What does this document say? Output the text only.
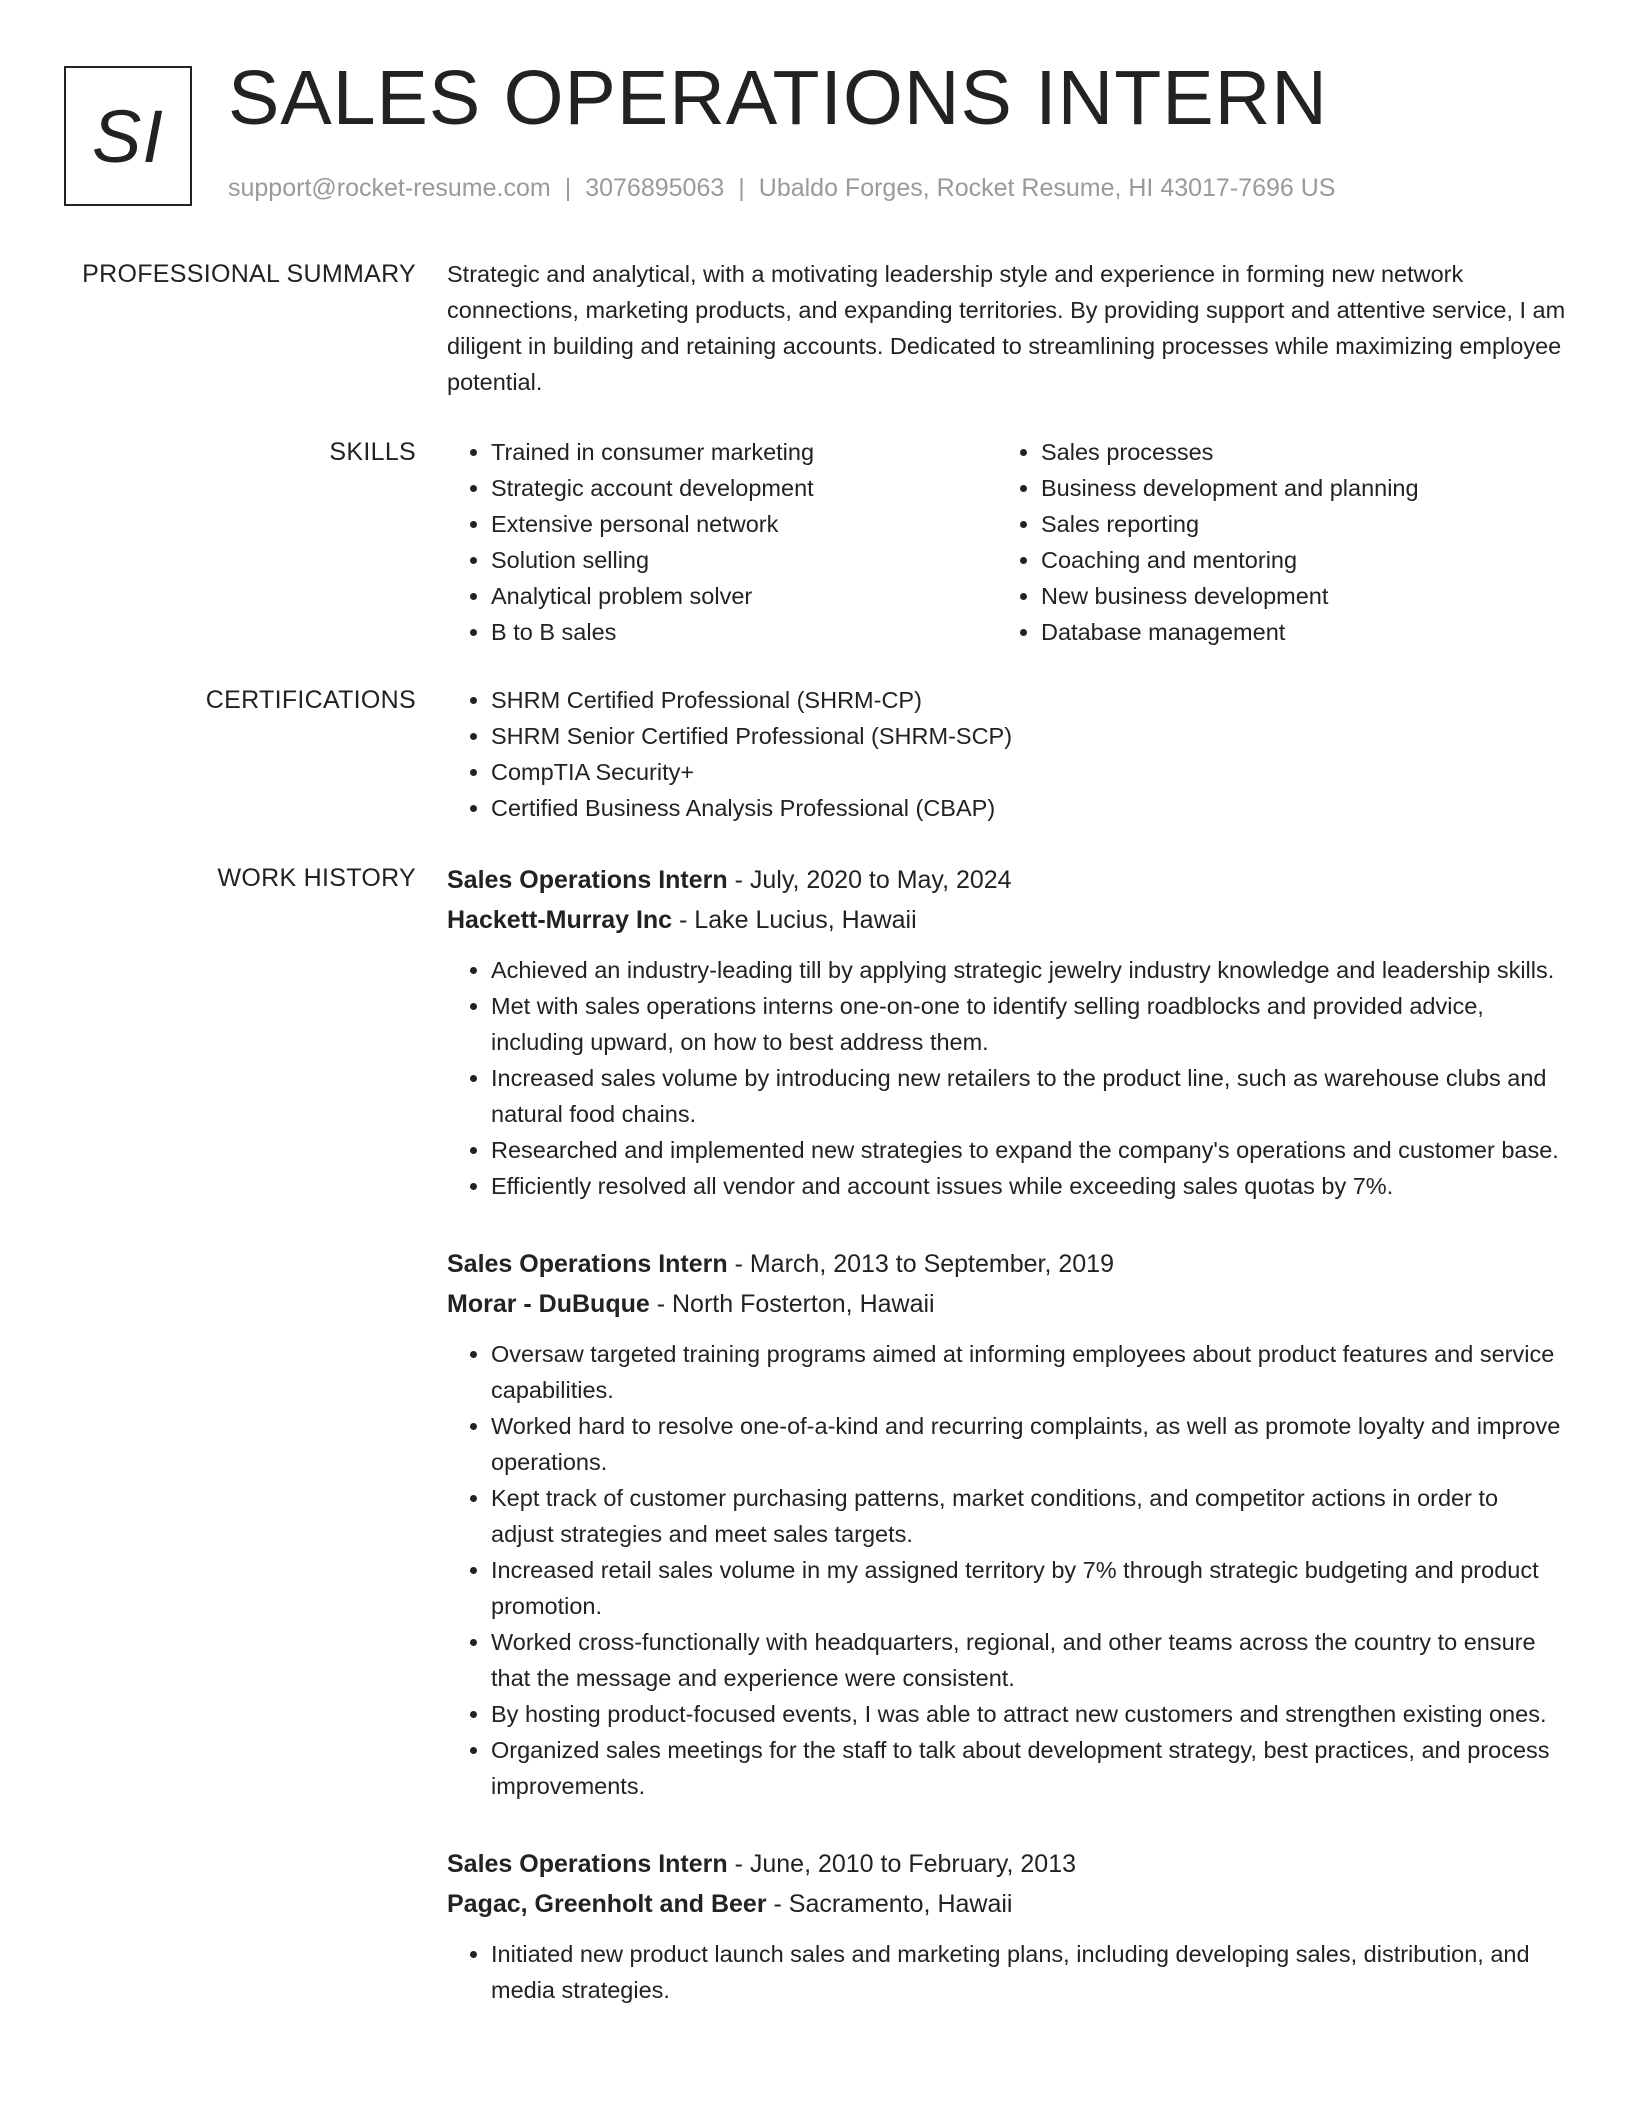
SI SALES OPERATIONS INTERN
support@rocket-resume.com | 3076895063 | Ubaldo Forges, Rocket Resume, HI 43017-7696 US
PROFESSIONAL SUMMARY Strategic and analytical, with a motivating leadership style and experience in forming new network connections, marketing products, and expanding territories. By providing support and attentive service, I am diligent in building and retaining accounts. Dedicated to streamlining processes while maximizing employee potential.

SKILLS	• Trained in consumer marketing
• Strategic account development
• Extensive personal network
• Solution selling
• Analytical problem solver
• B to B sales
• Sales processes
• Business development and planning
• Sales reporting
• Coaching and mentoring
• New business development
• Database management
CERTIFICATIONS	• SHRM Certified Professional (SHRM-CP)
• SHRM Senior Certified Professional (SHRM-SCP)
• CompTIA Security+
• Certified Business Analysis Professional (CBAP)
WORK HISTORY Sales Operations Intern - July, 2020 to May, 2024
Hackett-Murray Inc - Lake Lucius, Hawaii
• Achieved an industry-leading till by applying strategic jewelry industry knowledge and leadership skills.
• Met with sales operations interns one-on-one to identify selling roadblocks and provided advice, including upward, on how to best address them.
• Increased sales volume by introducing new retailers to the product line, such as warehouse clubs and natural food chains.
• Researched and implemented new strategies to expand the company's operations and customer base.
• Efficiently resolved all vendor and account issues while exceeding sales quotas by 7%.
Sales Operations Intern - March, 2013 to September, 2019
Morar - DuBuque - North Fosterton, Hawaii
• Oversaw targeted training programs aimed at informing employees about product features and service capabilities.
• Worked hard to resolve one-of-a-kind and recurring complaints, as well as promote loyalty and improve operations.
• Kept track of customer purchasing patterns, market conditions, and competitor actions in order to adjust strategies and meet sales targets.
• Increased retail sales volume in my assigned territory by 7% through strategic budgeting and product promotion.
• Worked cross-functionally with headquarters, regional, and other teams across the country to ensure that the message and experience were consistent.
• By hosting product-focused events, I was able to attract new customers and strengthen existing ones.
• Organized sales meetings for the staff to talk about development strategy, best practices, and process improvements.
Sales Operations Intern - June, 2010 to February, 2013
Pagac, Greenholt and Beer - Sacramento, Hawaii
• Initiated new product launch sales and marketing plans, including developing sales, distribution, and media strategies.
